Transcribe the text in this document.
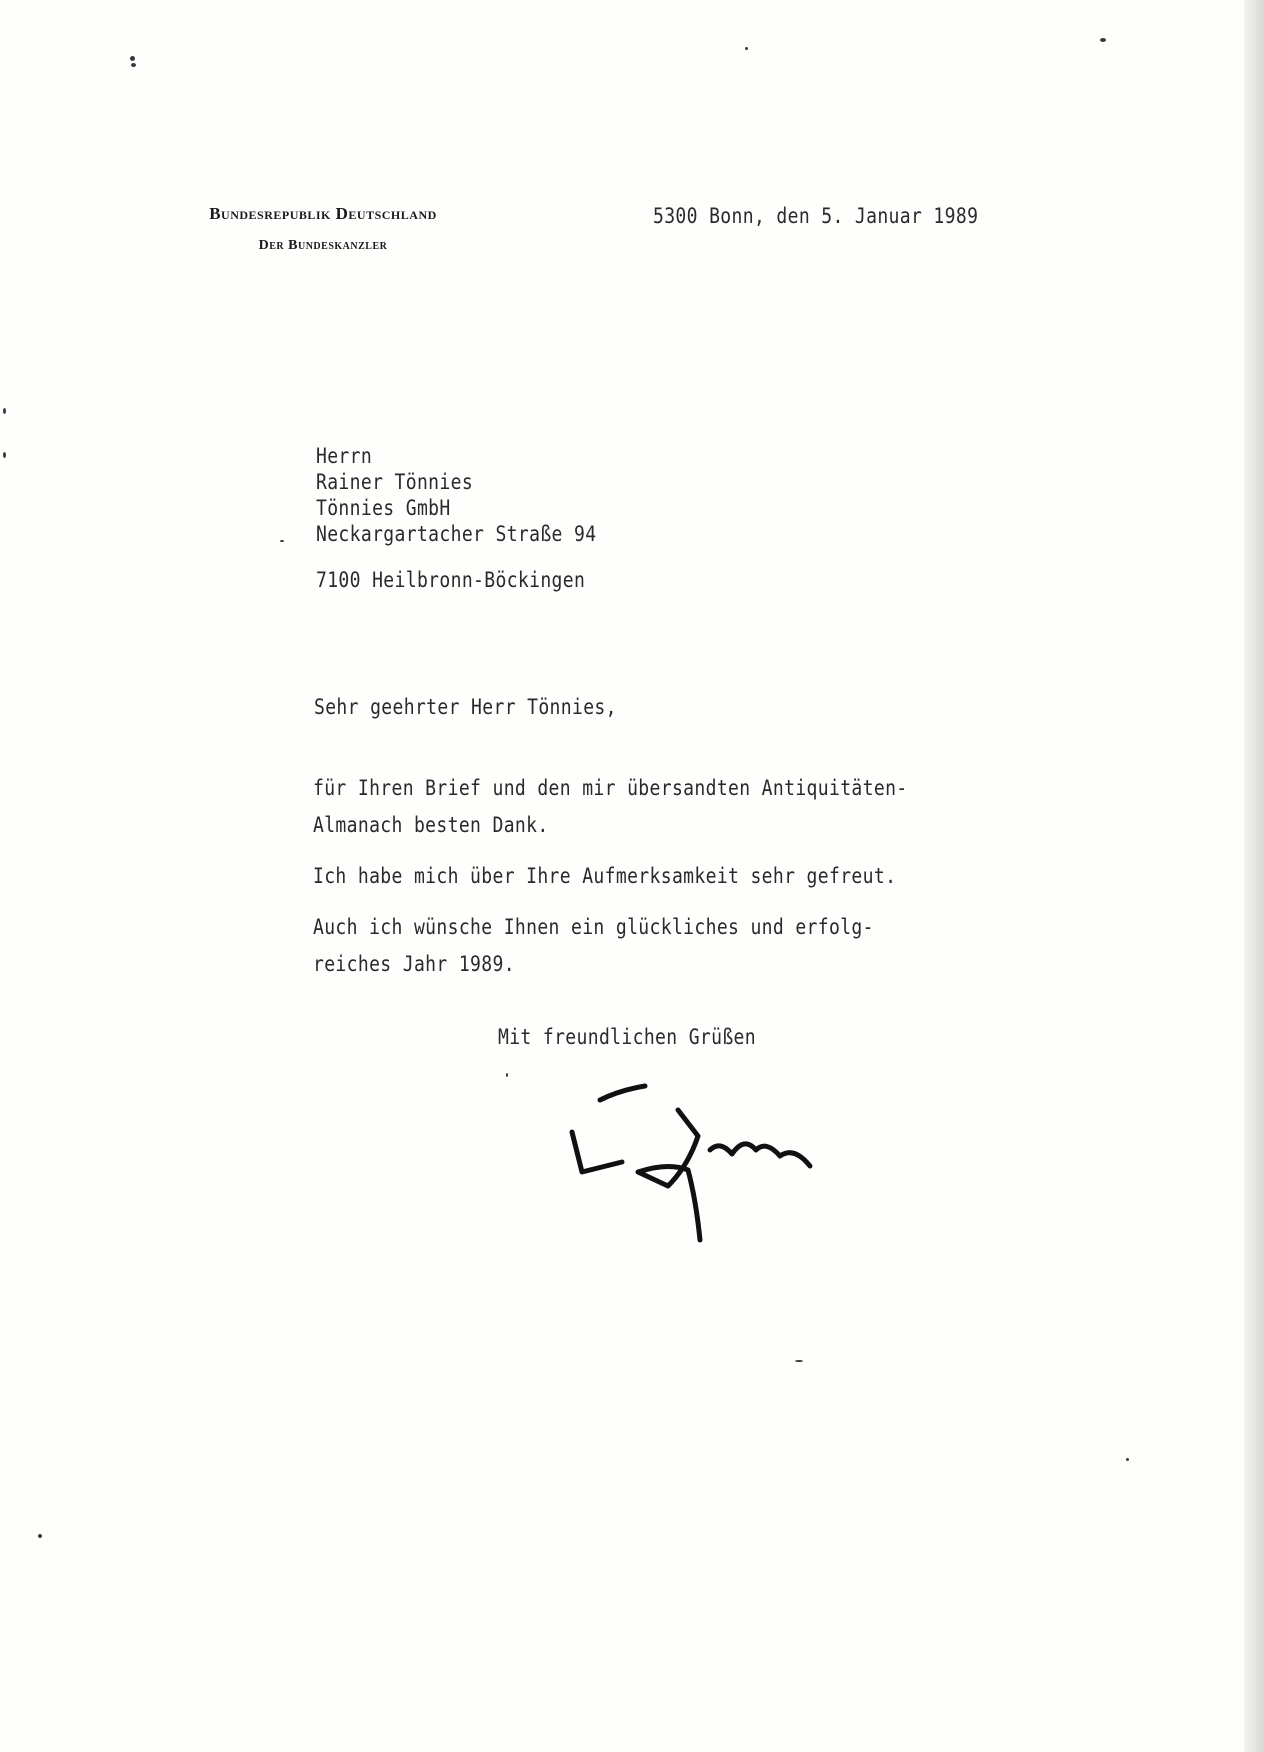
Bundesrepublik Deutschland
Der Bundeskanzler
5300 Bonn, den 5. Januar 1989
Herrn
Rainer Tönnies
Tönnies GmbH
Neckargartacher Straße 94
7100 Heilbronn-Böckingen
Sehr geehrter Herr Tönnies,
für Ihren Brief und den mir übersandten Antiquitäten-
Almanach besten Dank.
Ich habe mich über Ihre Aufmerksamkeit sehr gefreut.
Auch ich wünsche Ihnen ein glückliches und erfolg-
reiches Jahr 1989.
Mit freundlichen Grüßen
